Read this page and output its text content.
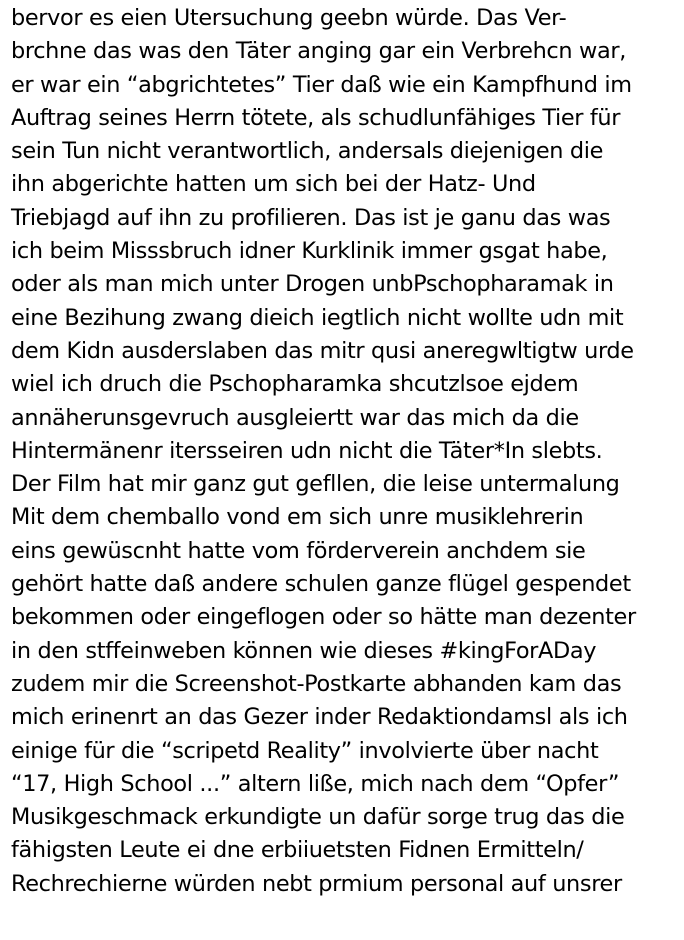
bervor es eien Utersuchung geebn würde. Das Ver-
brchne das was den Täter anging gar ein Verbrehcn war,
er war ein “abgrichtetes” Tier daß wie ein Kampfhund im
Auftrag seines Herrn tötete, als schudlunfähiges Tier für
sein Tun nicht verantwortlich, andersals diejenigen die
ihn abgerichte hatten um sich bei der Hatz- Und
Triebjagd auf ihn zu profilieren. Das ist je ganu das was
ich beim Misssbruch idner Kurklinik immer gsgat habe,
oder als man mich unter Drogen unbPschopharamak in
eine Bezihung zwang dieich iegtlich nicht wollte udn mit
dem Kidn ausderslaben das mitr qusi aneregwltigtw urde
wiel ich druch die Pschopharamka shcutzlsoe ejdem
annäherunsgevruch ausgleiertt war das mich da die
Hintermänenr itersseiren udn nicht die Täter*In slebts.
Der Film hat mir ganz gut gefllen, die leise untermalung
Mit dem chemballo vond em sich unre musiklehrerin
eins gewüscnht hatte vom förderverein anchdem sie
gehört hatte daß andere schulen ganze flügel gespendet
bekommen oder eingeflogen oder so hätte man dezenter
in den stffeinweben können wie dieses #kingForADay
zudem mir die Screenshot-Postkarte abhanden kam das
mich erinenrt an das Gezer inder Redaktiondamsl als ich
einige für die “scripetd Reality” involvierte über nacht
“17, High School ...” altern liße, mich nach dem “Opfer”
Musikgeschmack erkundigte un dafür sorge trug das die
fähigsten Leute ei dne erbiiuetsten Fidnen Ermitteln/
Rechrechierne würden nebt prmium personal auf unsrer
